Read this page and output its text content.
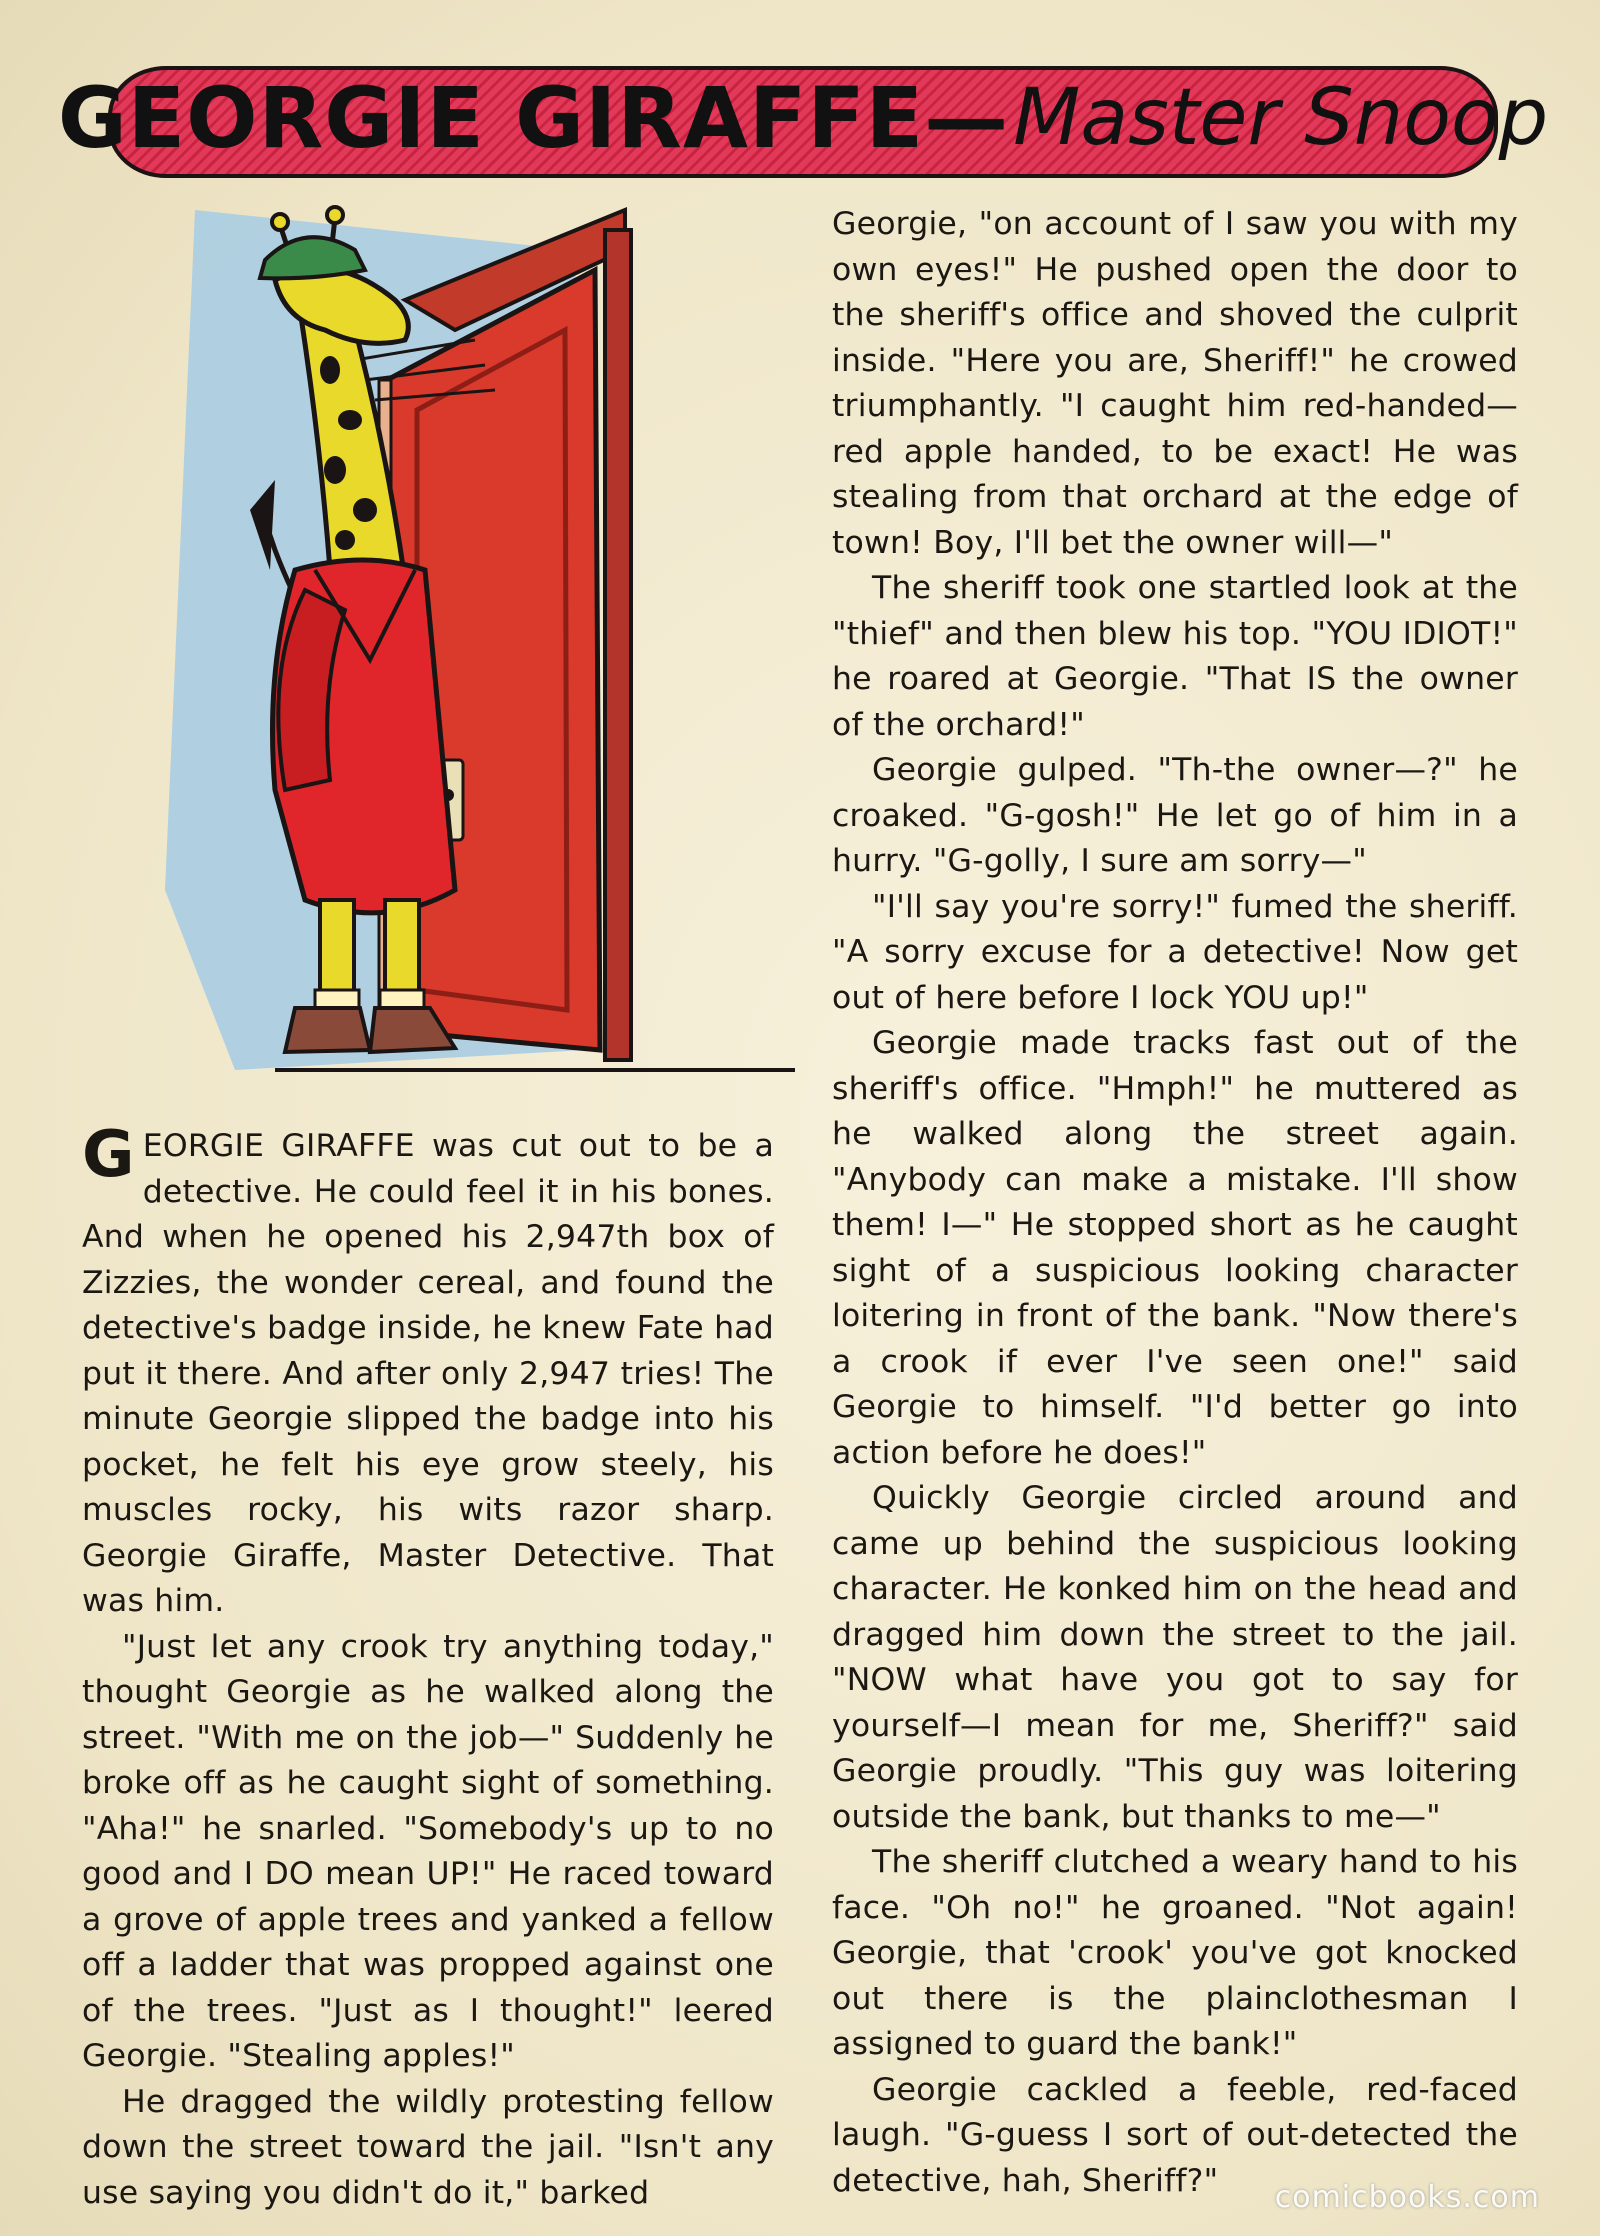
GEORGIE GIRAFFE— Master Snoop

GEORGIE GIRAFFE was cut out to be a detective. He could feel it in his bones. And when he opened his 2,947th box of Zizzies, the wonder cereal, and found the detective's badge inside, he knew Fate had put it there. And after only 2,947 tries! The minute Georgie slipped the badge into his pocket, he felt his eye grow steely, his muscles rocky, his wits razor sharp. Georgie Giraffe, Master Detective. That was him.

"Just let any crook try anything today," thought Georgie as he walked along the street. "With me on the job—" Suddenly he broke off as he caught sight of something. "Aha!" he snarled. "Somebody's up to no good and I DO mean UP!" He raced toward a grove of apple trees and yanked a fellow off a ladder that was propped against one of the trees. "Just as I thought!" leered Georgie. "Stealing apples!"

He dragged the wildly protesting fellow down the street toward the jail. "Isn't any use saying you didn't do it," barked

Georgie, "on account of I saw you with my own eyes!" He pushed open the door to the sheriff's office and shoved the culprit inside. "Here you are, Sheriff!" he crowed triumphantly. "I caught him red-handed—red apple handed, to be exact! He was stealing from that orchard at the edge of town! Boy, I'll bet the owner will—"

The sheriff took one startled look at the "thief" and then blew his top. "YOU IDIOT!" he roared at Georgie. "That IS the owner of the orchard!"

Georgie gulped. "Th-the owner—?" he croaked. "G-gosh!" He let go of him in a hurry. "G-golly, I sure am sorry—"

"I'll say you're sorry!" fumed the sheriff. "A sorry excuse for a detective! Now get out of here before I lock YOU up!"

Georgie made tracks fast out of the sheriff's office. "Hmph!" he muttered as he walked along the street again. "Anybody can make a mistake. I'll show them! I—" He stopped short as he caught sight of a suspicious looking character loitering in front of the bank. "Now there's a crook if ever I've seen one!" said Georgie to himself. "I'd better go into action before he does!"

Quickly Georgie circled around and came up behind the suspicious looking character. He konked him on the head and dragged him down the street to the jail. "NOW what have you got to say for yourself—I mean for me, Sheriff?" said Georgie proudly. "This guy was loitering outside the bank, but thanks to me—"

The sheriff clutched a weary hand to his face. "Oh no!" he groaned. "Not again! Georgie, that 'crook' you've got knocked out there is the plainclothesman I assigned to guard the bank!"

Georgie cackled a feeble, red-faced laugh. "G-guess I sort of out-detected the detective, hah, Sheriff?"	comicbooks.com
